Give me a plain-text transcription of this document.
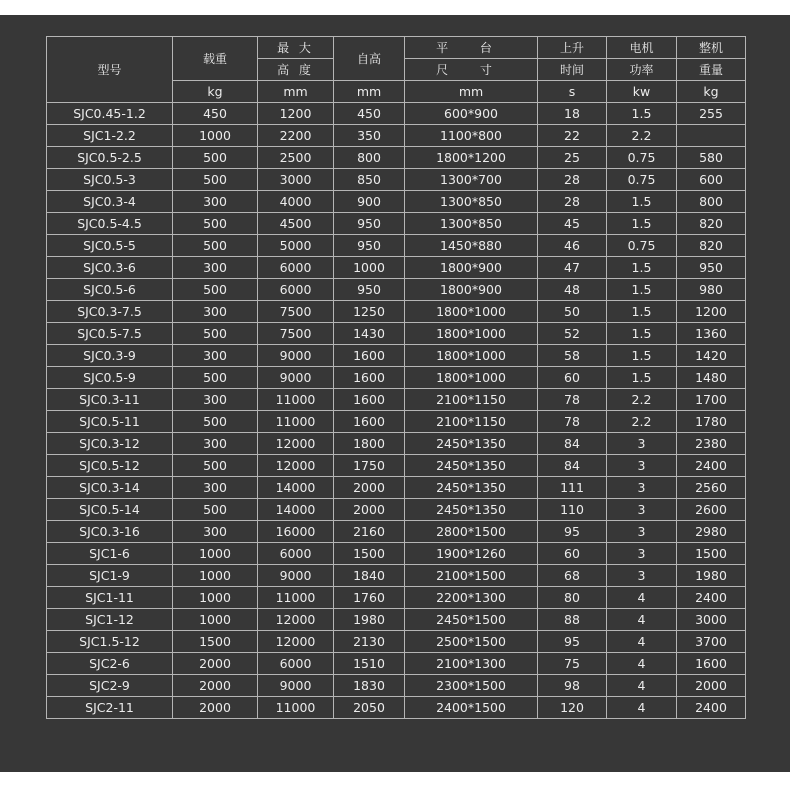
型号	载重	最 大	自高	平 台	上升	电机	整机
		高 度		尺 寸	时间	功率	重量
	kg	mm	mm	mm	s	kw	kg
SJC0.45-1.2	450	1200	450	600*900	18	1.5	255
SJC1-2.2	1000	2200	350	1100*800	22	2.2	
SJC0.5-2.5	500	2500	800	1800*1200	25	0.75	580
SJC0.5-3	500	3000	850	1300*700	28	0.75	600
SJC0.3-4	300	4000	900	1300*850	28	1.5	800
SJC0.5-4.5	500	4500	950	1300*850	45	1.5	820
SJC0.5-5	500	5000	950	1450*880	46	0.75	820
SJC0.3-6	300	6000	1000	1800*900	47	1.5	950
SJC0.5-6	500	6000	950	1800*900	48	1.5	980
SJC0.3-7.5	300	7500	1250	1800*1000	50	1.5	1200
SJC0.5-7.5	500	7500	1430	1800*1000	52	1.5	1360
SJC0.3-9	300	9000	1600	1800*1000	58	1.5	1420
SJC0.5-9	500	9000	1600	1800*1000	60	1.5	1480
SJC0.3-11	300	11000	1600	2100*1150	78	2.2	1700
SJC0.5-11	500	11000	1600	2100*1150	78	2.2	1780
SJC0.3-12	300	12000	1800	2450*1350	84	3	2380
SJC0.5-12	500	12000	1750	2450*1350	84	3	2400
SJC0.3-14	300	14000	2000	2450*1350	111	3	2560
SJC0.5-14	500	14000	2000	2450*1350	110	3	2600
SJC0.3-16	300	16000	2160	2800*1500	95	3	2980
SJC1-6	1000	6000	1500	1900*1260	60	3	1500
SJC1-9	1000	9000	1840	2100*1500	68	3	1980
SJC1-11	1000	11000	1760	2200*1300	80	4	2400
SJC1-12	1000	12000	1980	2450*1500	88	4	3000
SJC1.5-12	1500	12000	2130	2500*1500	95	4	3700
SJC2-6	2000	6000	1510	2100*1300	75	4	1600
SJC2-9	2000	9000	1830	2300*1500	98	4	2000
SJC2-11	2000	11000	2050	2400*1500	120	4	2400
